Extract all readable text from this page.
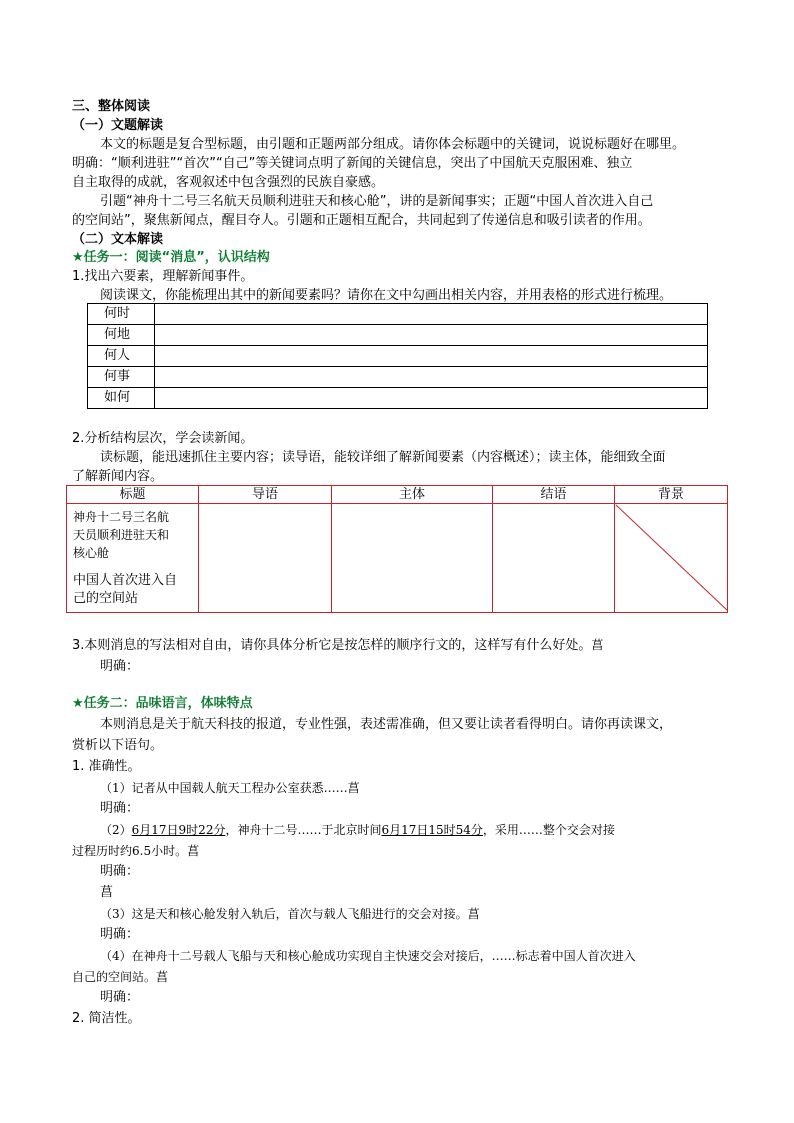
三、整体阅读
（一）文题解读
本文的标题是复合型标题，由引题和正题两部分组成。请你体会标题中的关键词，说说标题好在哪里。
明确：“顺利进驻”“首次”“自己”等关键词点明了新闻的关键信息，突出了中国航天克服困难、独立
自主取得的成就，客观叙述中包含强烈的民族自豪感。
引题“神舟十二号三名航天员顺利进驻天和核心舱”，讲的是新闻事实；正题“中国人首次进入自己
的空间站”，聚焦新闻点，醒目夺人。引题和正题相互配合，共同起到了传递信息和吸引读者的作用。
（二）文本解读
★任务一：阅读“消息”，认识结构
1.找出六要素，理解新闻事件。
阅读课文，你能梳理出其中的新闻要素吗？请你在文中勾画出相关内容，并用表格的形式进行梳理。
何时	
何地	
何人	
何事	
如何	
2.分析结构层次，学会读新闻。
读标题，能迅速抓住主要内容；读导语，能较详细了解新闻要素（内容概述）；读主体，能细致全面
了解新闻内容。
标题	导语	主体	结语	背景

神舟十二号三名航
天员顺利进驻天和
核心舱
中国人首次进入自
己的空间站

3.本则消息的写法相对自由，请你具体分析它是按怎样的顺序行文的，这样写有什么好处。菖
明确：
★任务二：品味语言，体味特点
本则消息是关于航天科技的报道，专业性强，表述需准确，但又要让读者看得明白。请你再读课文，
赏析以下语句。
1. 准确性。
（1）记者从中国载人航天工程办公室获悉……菖
明确：
（2）6月17日9时22分，神舟十二号……于北京时间6月17日15时54分，采用……整个交会对接
过程历时约6.5小时。菖
明确：
菖
（3）这是天和核心舱发射入轨后，首次与载人飞船进行的交会对接。菖
明确：
（4）在神舟十二号载人飞船与天和核心舱成功实现自主快速交会对接后，……标志着中国人首次进入
自己的空间站。菖
明确：
2. 简洁性。
